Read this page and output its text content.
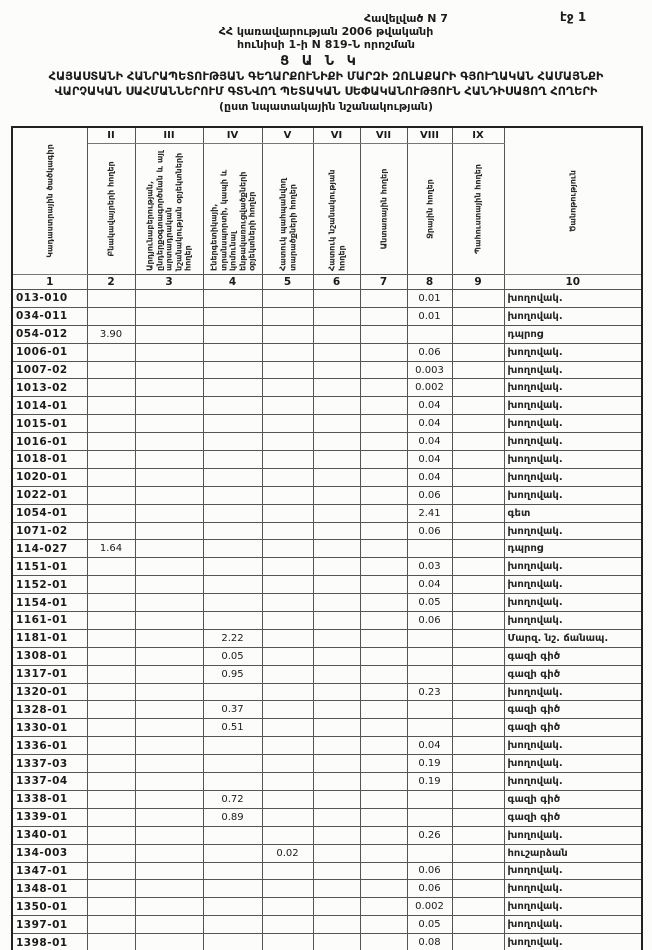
էջ 1
Հավելված N 7
ՀՀ կառավարության 2006 թվականի
հունիսի 1-ի N 819-Ն որոշման
Ց Ա Ն Կ
ՀԱՅԱՍՏԱՆԻ ՀԱՆՐԱՊԵՏՈՒԹՅԱՆ ԳԵՂԱՐՔՈՒՆԻՔԻ ՄԱՐԶԻ ԶՈԼԱՔԱՐԻ ԳՅՈՒՂԱԿԱՆ ՀԱՄԱՅՆՔԻ
ՎԱՐՉԱԿԱՆ ՍԱՀՄԱՆՆԵՐՈՒՄ ԳՏՆՎՈՂ ՊԵՏԱԿԱՆ ՍԵՓԱԿԱՆՈՒԹՅՈՒՆ ՀԱՆԴԻՍԱՑՈՂ ՀՈՂԵՐԻ
(ըստ նպատակային նշանակության)
Կադաստրային ծածկագիր	II	III	IV	V	VI	VII	VIII	IX	Ծանոթություն

	Բնակավայրերի հողեր	Արդյունաբերության, ընդերքօգտագործման և այլ արտադրական նշանակության օբյեկտների հողեր	Էներգետիկայի, տրանսպորտի, կապի և կոմունալ ենթակառուցվածքների օբյեկտների հողեր	Հատուկ պահպանվող տարածքների հողեր	Հատուկ նշանակության հողեր	Անտառային հողեր	Ջրային հողեր	Պահուստային հողեր	

1	2	3	4	5	6	7	8	9	10
013-010							0.01		խողովակ.
034-011							0.01		խողովակ.
054-012	3.90								դպրոց
1006-01							0.06		խողովակ.
1007-02							0.003		խողովակ.
1013-02							0.002		խողովակ.
1014-01							0.04		խողովակ.
1015-01							0.04		խողովակ.
1016-01							0.04		խողովակ.
1018-01							0.04		խողովակ.
1020-01							0.04		խողովակ.
1022-01							0.06		խողովակ.
1054-01							2.41		գետ
1071-02							0.06		խողովակ.
114-027	1.64								դպրոց
1151-01							0.03		խողովակ.
1152-01							0.04		խողովակ.
1154-01							0.05		խողովակ.
1161-01							0.06		խողովակ.
1181-01			2.22						Մարզ. նշ. ճանապ.
1308-01			0.05						գազի գիծ
1317-01			0.95						գազի գիծ
1320-01							0.23		խողովակ.
1328-01			0.37						գազի գիծ
1330-01			0.51						գազի գիծ
1336-01							0.04		խողովակ.
1337-03							0.19		խողովակ.
1337-04							0.19		խողովակ.
1338-01			0.72						գազի գիծ
1339-01			0.89						գազի գիծ
1340-01							0.26		խողովակ.
134-003				0.02					հուշարձան
1347-01							0.06		խողովակ.
1348-01							0.06		խողովակ.
1350-01							0.002		խողովակ.
1397-01							0.05		խողովակ.
1398-01							0.08		խողովակ.
